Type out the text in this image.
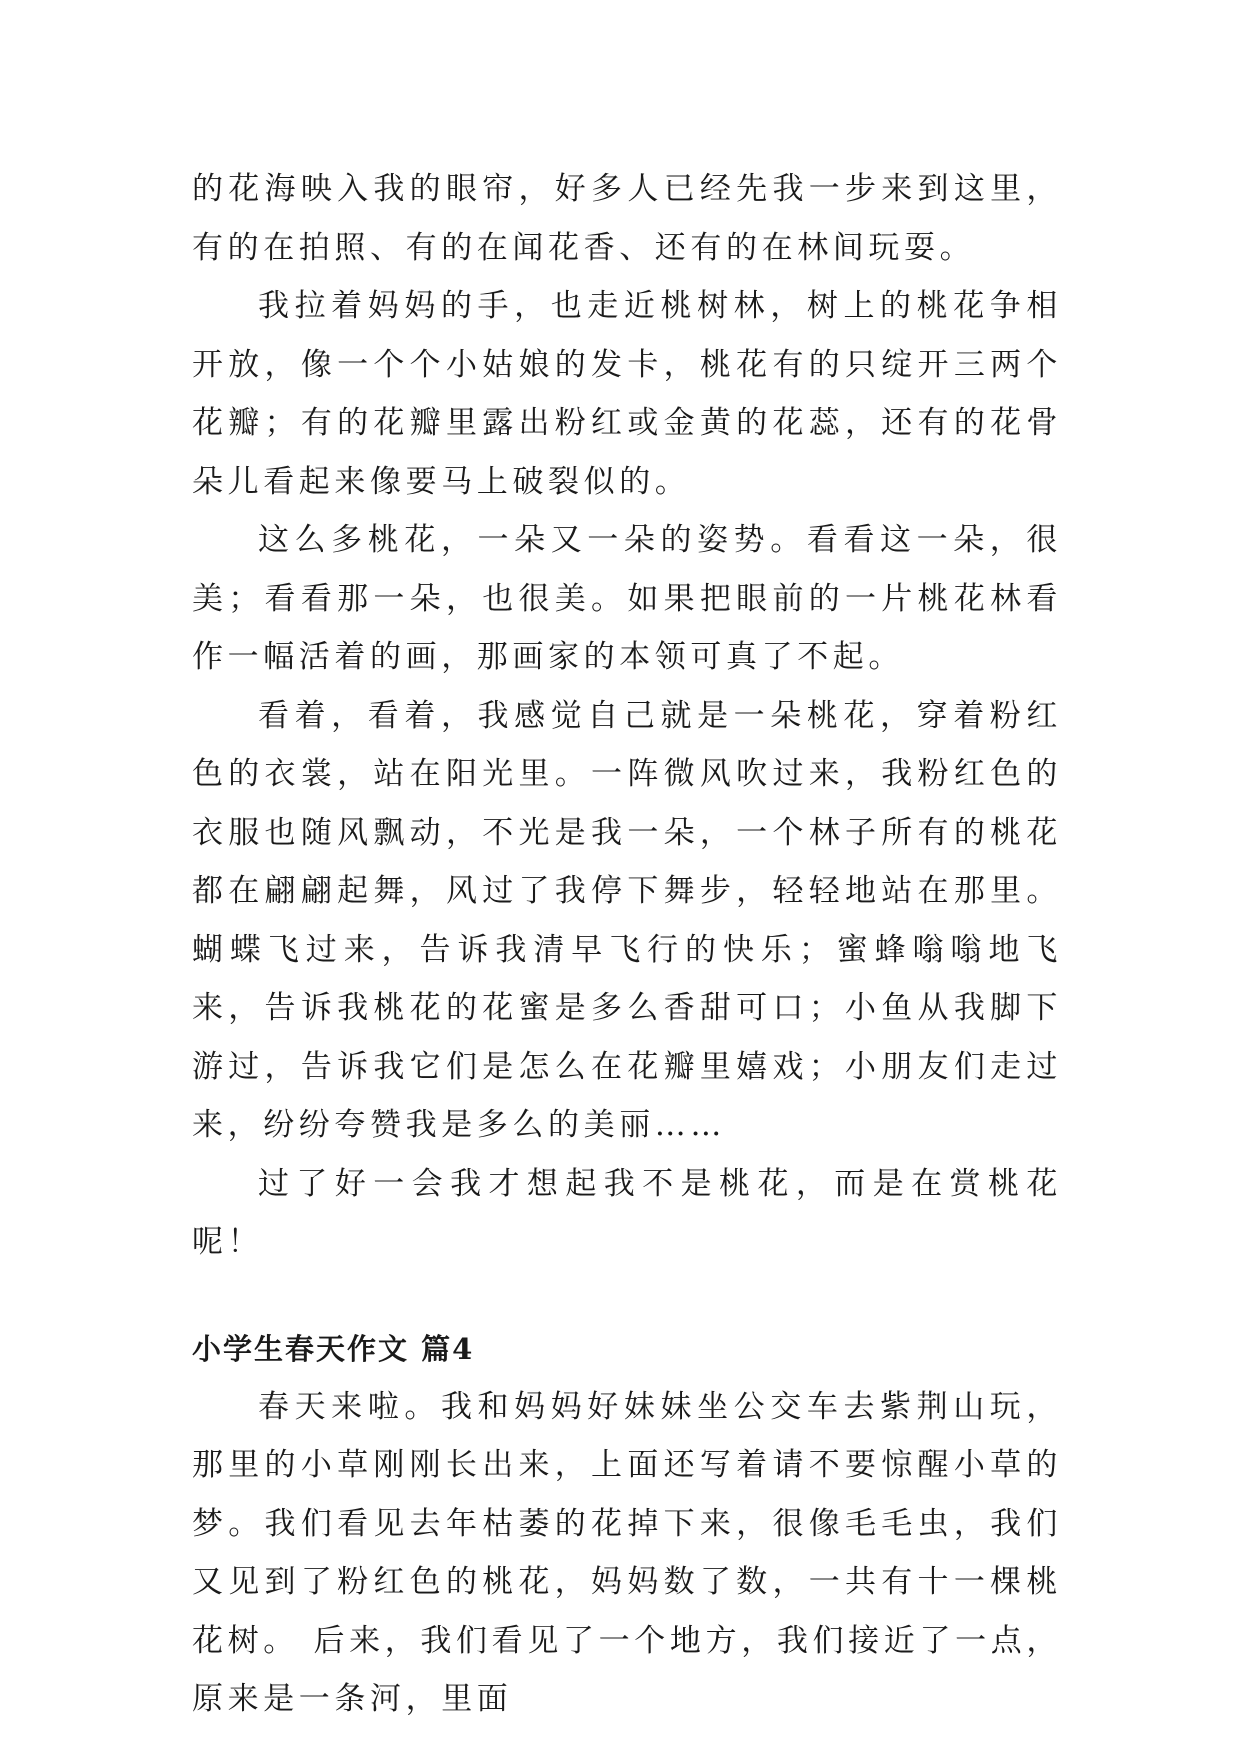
的花海映入我的眼帘，好多人已经先我一步来到这里，有的在拍照、有的在闻花香、还有的在林间玩耍。

我拉着妈妈的手，也走近桃树林，树上的桃花争相开放，像一个个小姑娘的发卡，桃花有的只绽开三两个花瓣；有的花瓣里露出粉红或金黄的花蕊，还有的花骨朵儿看起来像要马上破裂似的。

这么多桃花，一朵又一朵的姿势。看看这一朵，很美；看看那一朵，也很美。如果把眼前的一片桃花林看作一幅活着的画，那画家的本领可真了不起。

看着，看着，我感觉自己就是一朵桃花，穿着粉红色的衣裳，站在阳光里。一阵微风吹过来，我粉红色的衣服也随风飘动，不光是我一朵，一个林子所有的桃花都在翩翩起舞，风过了我停下舞步，轻轻地站在那里。蝴蝶飞过来，告诉我清早飞行的快乐；蜜蜂嗡嗡地飞来，告诉我桃花的花蜜是多么香甜可口；小鱼从我脚下游过，告诉我它们是怎么在花瓣里嬉戏；小朋友们走过来，纷纷夸赞我是多么的美丽……

过了好一会我才想起我不是桃花，而是在赏桃花呢！

小学生春天作文 篇4

春天来啦。我和妈妈好妹妹坐公交车去紫荆山玩，那里的小草刚刚长出来，上面还写着请不要惊醒小草的梦。我们看见去年枯萎的花掉下来，很像毛毛虫，我们又见到了粉红色的桃花，妈妈数了数，一共有十一棵桃花树。 后来，我们看见了一个地方，我们接近了一点，原来是一条河，里面
